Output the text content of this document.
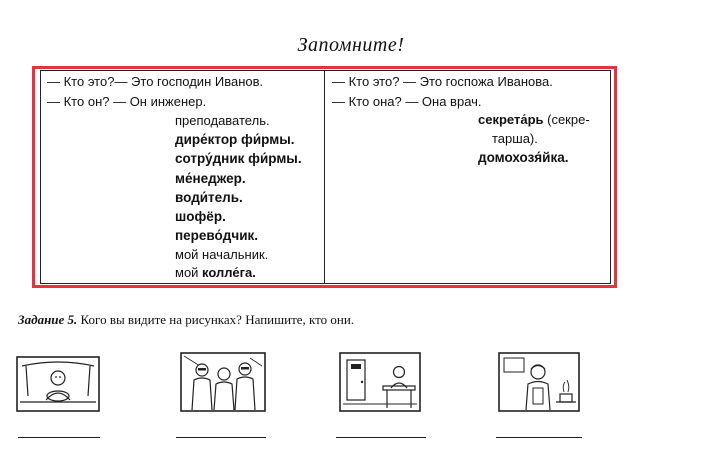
Запомните!
— Кто это?— Это господин Иванов.
— Кто он? — Он инженер.
преподаватель.
дире́ктор фи́рмы.
сотру́дник фи́рмы.
ме́неджер.
води́тель.
шофёр.
перево́дчик.
мой начальник.
мой колле́га.
— Кто это? — Это госпожа Иванова.
— Кто она? — Она врач.
секрета́рь (секре-
тарша).
домохозя́йка.
Задание 5. Кого вы видите на рисунках? Напишите, кто они.
